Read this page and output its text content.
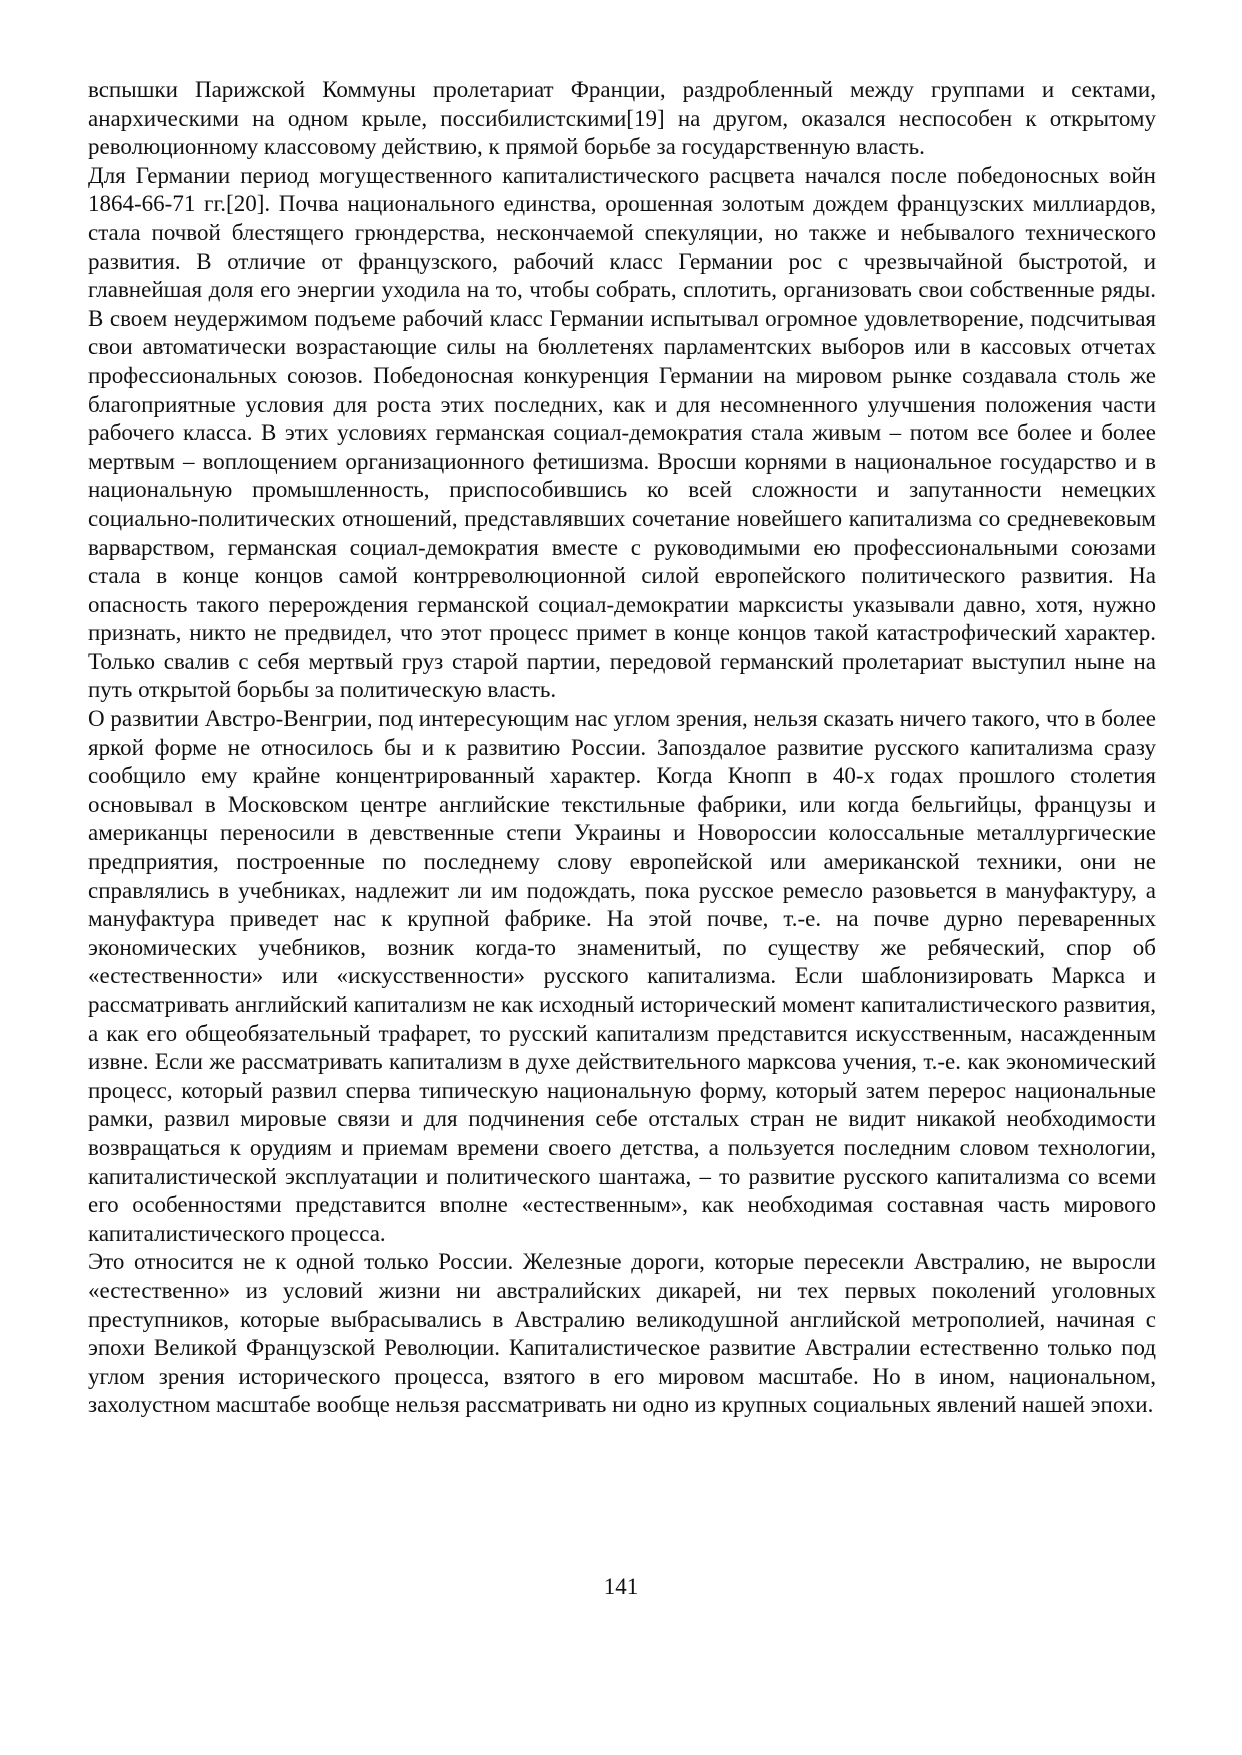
вспышки Парижской Коммуны пролетариат Франции, раздробленный между группами и сектами, анархическими на одном крыле, поссибилистскими[19] на другом, оказался неспособен к открытому революционному классовому действию, к прямой борьбе за государственную власть.

Для Германии период могущественного капиталистического расцвета начался после победоносных войн 1864-66-71 гг.[20]. Почва национального единства, орошенная золотым дождем французских миллиардов, стала почвой блестящего грюндерства, нескончаемой спекуляции, но также и небывалого технического развития. В отличие от французского, рабочий класс Германии рос с чрезвычайной быстротой, и главнейшая доля его энергии уходила на то, чтобы собрать, сплотить, организовать свои собственные ряды. В своем неудержимом подъеме рабочий класс Германии испытывал огромное удовлетворение, подсчитывая свои автоматически возрастающие силы на бюллетенях парламентских выборов или в кассовых отчетах профессиональных союзов. Победоносная конкуренция Германии на мировом рынке создавала столь же благоприятные условия для роста этих последних, как и для несомненного улучшения положения части рабочего класса. В этих условиях германская социал-демократия стала живым – потом все более и более мертвым – воплощением организационного фетишизма. Вросши корнями в национальное государство и в национальную промышленность, приспособившись ко всей сложности и запутанности немецких социально-политических отношений, представлявших сочетание новейшего капитализма со средневековым варварством, германская социал-демократия вместе с руководимыми ею профессиональными союзами стала в конце концов самой контрреволюционной силой европейского политического развития. На опасность такого перерождения германской социал-демократии марксисты указывали давно, хотя, нужно признать, никто не предвидел, что этот процесс примет в конце концов такой катастрофический характер. Только свалив с себя мертвый груз старой партии, передовой германский пролетариат выступил ныне на путь открытой борьбы за политическую власть.

О развитии Австро-Венгрии, под интересующим нас углом зрения, нельзя сказать ничего такого, что в более яркой форме не относилось бы и к развитию России. Запоздалое развитие русского капитализма сразу сообщило ему крайне концентрированный характер. Когда Кнопп в 40-х годах прошлого столетия основывал в Московском центре английские текстильные фабрики, или когда бельгийцы, французы и американцы переносили в девственные степи Украины и Новороссии колоссальные металлургические предприятия, построенные по последнему слову европейской или американской техники, они не справлялись в учебниках, надлежит ли им подождать, пока русское ремесло разовьется в мануфактуру, а мануфактура приведет нас к крупной фабрике. На этой почве, т.-е. на почве дурно переваренных экономических учебников, возник когда-то знаменитый, по существу же ребяческий, спор об «естественности» или «искусственности» русского капитализма. Если шаблонизировать Маркса и рассматривать английский капитализм не как исходный исторический момент капиталистического развития, а как его общеобязательный трафарет, то русский капитализм представится искусственным, насажденным извне. Если же рассматривать капитализм в духе действительного марксова учения, т.-е. как экономический процесс, который развил сперва типическую национальную форму, который затем перерос национальные рамки, развил мировые связи и для подчинения себе отсталых стран не видит никакой необходимости возвращаться к орудиям и приемам времени своего детства, а пользуется последним словом технологии, капиталистической эксплуатации и политического шантажа, – то развитие русского капитализма со всеми его особенностями представится вполне «естественным», как необходимая составная часть мирового капиталистического процесса.

Это относится не к одной только России. Железные дороги, которые пересекли Австралию, не выросли «естественно» из условий жизни ни австралийских дикарей, ни тех первых поколений уголовных преступников, которые выбрасывались в Австралию великодушной английской метрополией, начиная с эпохи Великой Французской Революции. Капиталистическое развитие Австралии естественно только под углом зрения исторического процесса, взятого в его мировом масштабе. Но в ином, национальном, захолустном масштабе вообще нельзя рассматривать ни одно из крупных социальных явлений нашей эпохи.

141
